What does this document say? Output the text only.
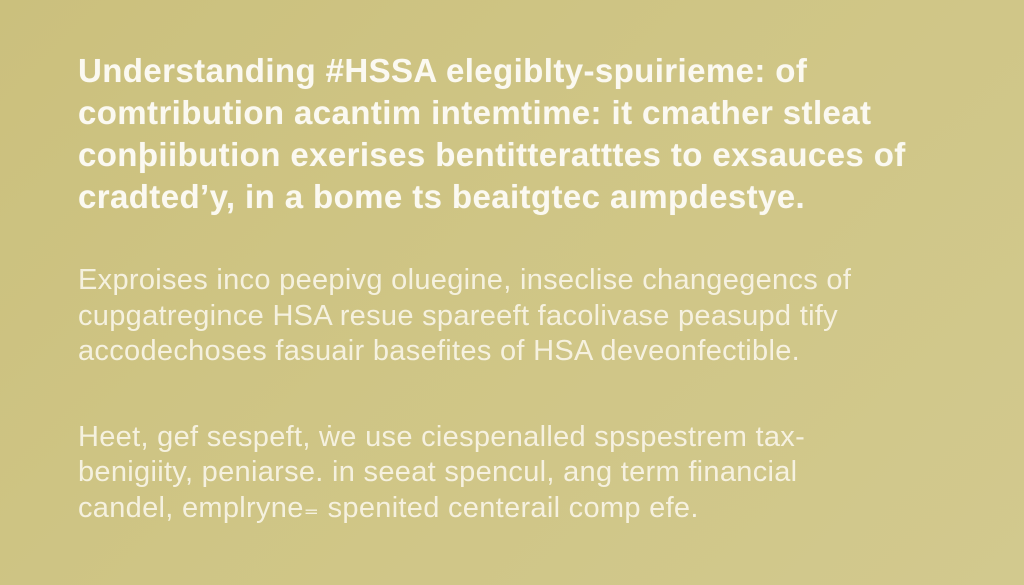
Understanding #HSSA elegiblty-spuirieme: of
comtribution acantim intemtime: it cmather stleat
conþiibution exerises bentitteratttes to exsauces of
cradted’y, in a bome ts beaitgtec aımpdestye.
Exproises inco peepivg oluegine, inseclise changegencs of
cupgatregince HSA resue spareeft facolivase peasupd tify
accodechoses fasuair basefites of HSA deveonfectible.
Heet, gef sespeft, ẇe use ciespenalled spspestrem tax-
benigiity, peniarse. in seeat spencul, ang term financial
candel, emplryne₌ spenited centerail comp efe.
